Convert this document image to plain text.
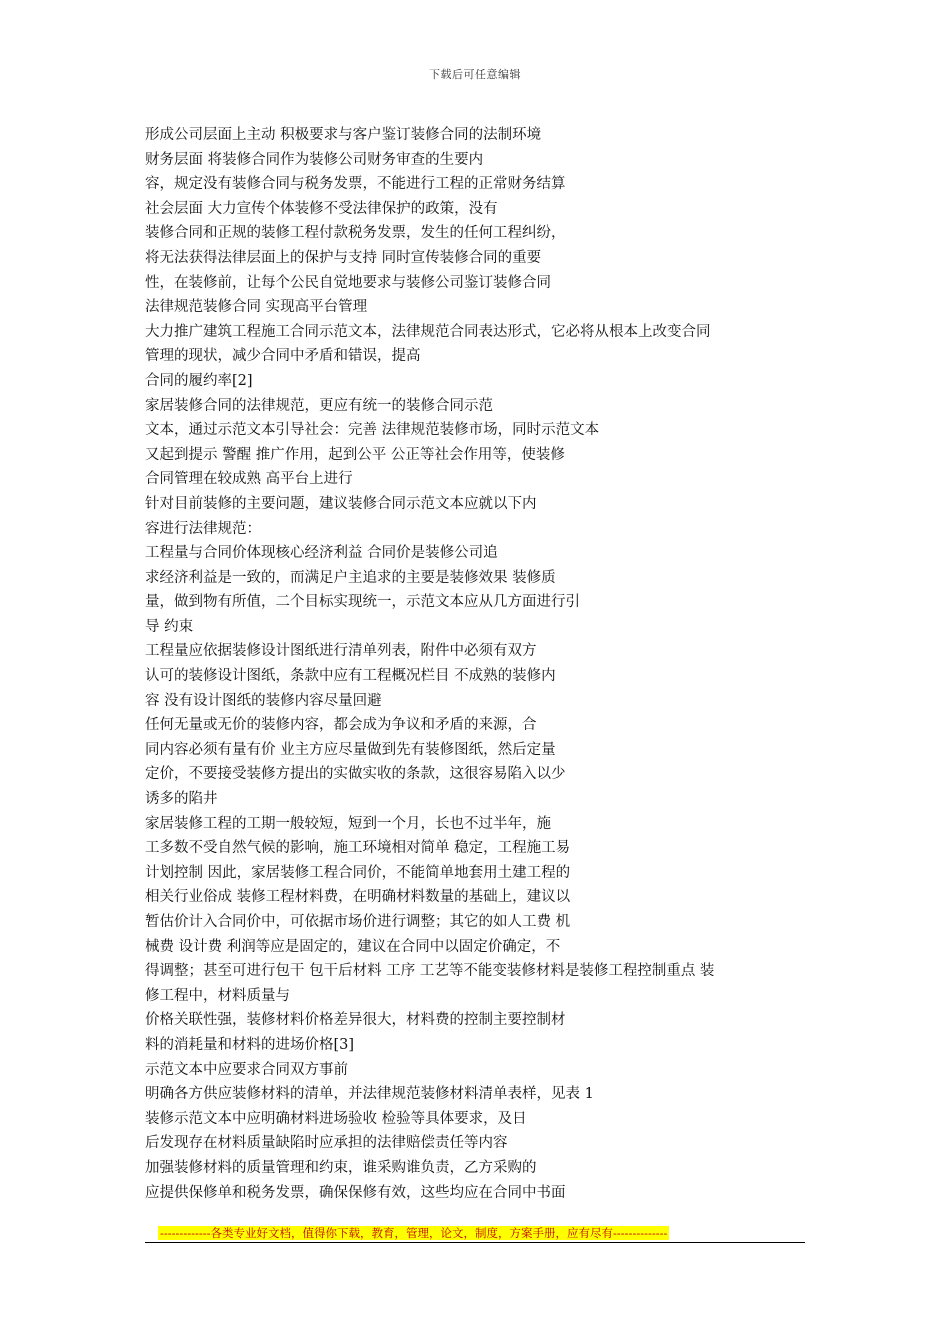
下载后可任意编辑
形成公司层面上主动 积极要求与客户鉴订装修合同的法制环境
财务层面 将装修合同作为装修公司财务审查的生要内
容，规定没有装修合同与税务发票，不能进行工程的正常财务结算
社会层面 大力宣传个体装修不受法律保护的政策，没有
装修合同和正规的装修工程付款税务发票，发生的任何工程纠纷，
将无法获得法律层面上的保护与支持 同时宣传装修合同的重要
性，在装修前，让每个公民自觉地要求与装修公司鉴订装修合同
法律规范装修合同 实现高平台管理
大力推广建筑工程施工合同示范文本，法律规范合同表达形式，它必将从根本上改变合同
管理的现状，减少合同中矛盾和错误，提高
合同的履约率[2]
家居装修合同的法律规范，更应有统一的装修合同示范
文本，通过示范文本引导社会：完善 法律规范装修市场，同时示范文本
又起到提示 警醒 推广作用，起到公平 公正等社会作用等，使装修
合同管理在较成熟 高平台上进行
针对目前装修的主要问题，建议装修合同示范文本应就以下内
容进行法律规范：
工程量与合同价体现核心经济利益 合同价是装修公司追
求经济利益是一致的，而满足户主追求的主要是装修效果 装修质
量，做到物有所值，二个目标实现统一，示范文本应从几方面进行引
导 约束
工程量应依据装修设计图纸进行清单列表，附件中必须有双方
认可的装修设计图纸，条款中应有工程概况栏目 不成熟的装修内
容 没有设计图纸的装修内容尽量回避
任何无量或无价的装修内容，都会成为争议和矛盾的来源，合
同内容必须有量有价 业主方应尽量做到先有装修图纸，然后定量
定价，不要接受装修方提出的实做实收的条款，这很容易陷入以少
诱多的陷井
家居装修工程的工期一般较短，短到一个月，长也不过半年，施
工多数不受自然气候的影响，施工环境相对简单 稳定，工程施工易
计划控制 因此，家居装修工程合同价，不能简单地套用土建工程的
相关行业俗成 装修工程材料费，在明确材料数量的基础上，建议以
暂估价计入合同价中，可依据市场价进行调整；其它的如人工费 机
械费 设计费 利润等应是固定的，建议在合同中以固定价确定，不
得调整；甚至可进行包干 包干后材料 工序 工艺等不能变装修材料是装修工程控制重点 装
修工程中，材料质量与
价格关联性强，装修材料价格差异很大，材料费的控制主要控制材
料的消耗量和材料的进场价格[3]
示范文本中应要求合同双方事前
明确各方供应装修材料的清单，并法律规范装修材料清单表样，见表 1
装修示范文本中应明确材料进场验收 检验等具体要求，及日
后发现存在材料质量缺陷时应承担的法律赔偿责任等内容
加强装修材料的质量管理和约束，谁采购谁负责，乙方采购的
应提供保修单和税务发票，确保保修有效，这些均应在合同中书面
-------------各类专业好文档，值得你下载，教育，管理，论文，制度，方案手册，应有尽有--------------
